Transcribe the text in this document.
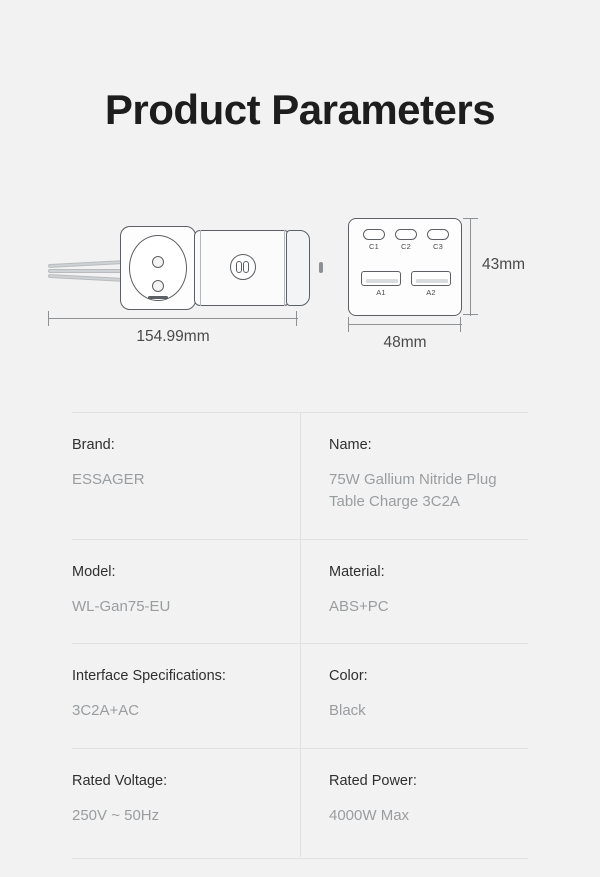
Product Parameters
154.99mm
C1	C2	C3
A1	A2
48mm
43mm
Brand:
ESSAGER
Name:
75W Gallium Nitride Plug Table Charge 3C2A
Model:
WL-Gan75-EU
Material:
ABS+PC
Interface Specifications:
3C2A+AC
Color:
Black
Rated Voltage:
250V ~ 50Hz
Rated Power:
4000W Max
